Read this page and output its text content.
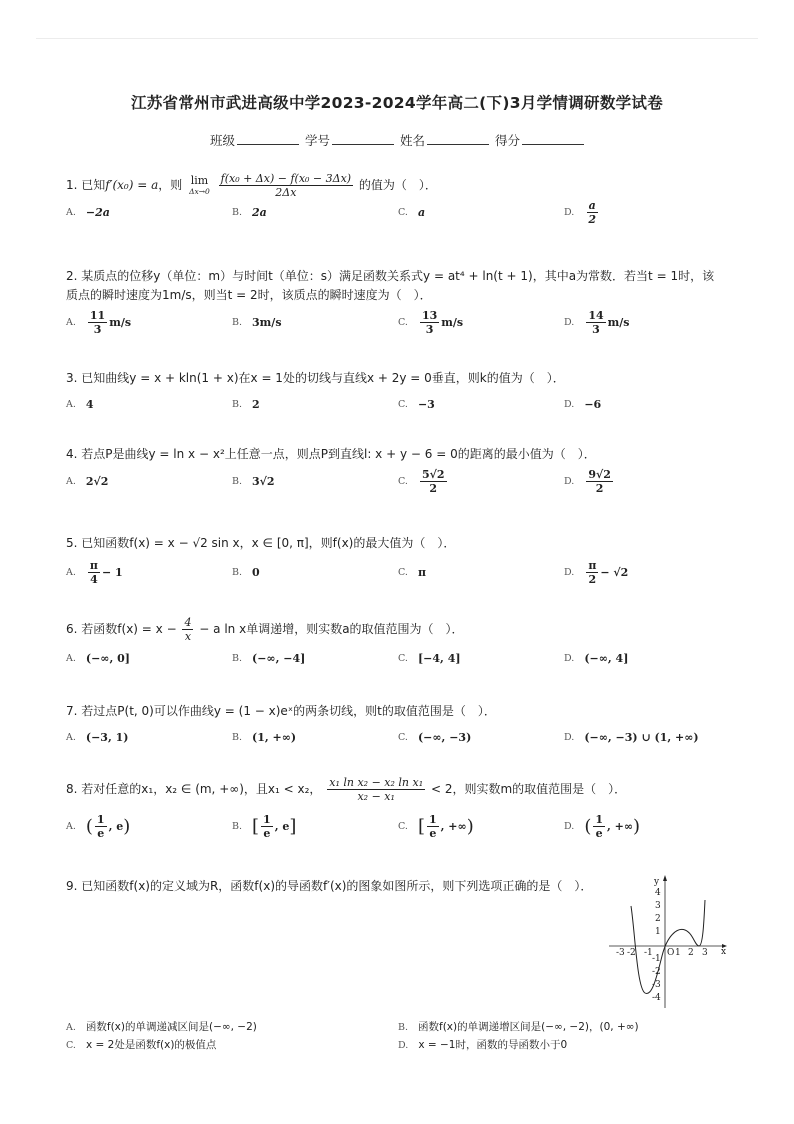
江苏省常州市武进高级中学2023-2024学年高二(下)3月学情调研数学试卷
班级	学号	姓名	得分
1. 已知f′(x₀) = a，则 lim
Δx→0
$\frac{\text{f(x₀ + Δx) − f(x₀ − 3Δx)}}{2\Delta x}$ 的值为（　）．
A. −2a	B. 2a	C. a	D. $\frac{a}{2}$
2. 某质点的位移y（单位：m）与时间t（单位：s）满足函数关系式y = at⁴ + ln(t + 1)，其中a为常数．若当t = 1时，该质点的瞬时速度为1m/s，则当t = 2时，该质点的瞬时速度为（　）．
A. $\frac{11}{3} m/s$	B. 3m/s	C. $\frac{13}{3} m/s$	D. $\frac{14}{3} m/s$
3. 已知曲线y = x + kln(1 + x)在x = 1处的切线与直线x + 2y = 0垂直，则k的值为（　）．
A. 4	B. 2	C. −3	D. −6
4. 若点P是曲线y = ln x − x²上任意一点，则点P到直线l: x + y − 6 = 0的距离的最小值为（　）．
A. 2√2	B. 3√2	C. $\frac{5√2}{2}$	D. $\frac{9√2}{2}$
5. 已知函数f(x) = x − √2 sin x，x ∈ [0, π]，则f(x)的最大值为（　）．
A. $\frac{\pi}{4} - 1$	B. 0	C. π	D. $\frac{\pi}{2} - √2$
6. 若函数$f(x) = x - \frac{4}{x} - a$ ln x单调递增，则实数a的取值范围为（　）．
A. (−∞, 0]	B. (−∞, −4]	C. [−4, 4]	D. (−∞, 4]
7. 若过点P(t, 0)可以作曲线y = (1 − x)eˣ的两条切线，则t的取值范围是（　）．
A. (−3, 1)	B. (1, +∞)	C. (−∞, −3)	D. (−∞, −3) ∪ (1, +∞)
8. 若对任意的x₁，x₂ ∈ (m, +∞)，且x₁ < x₂， $\frac{\text{x₁ ln x₂ − x₂ ln x₁}}{\text{x₂ − x₁}} < 2$，则实数m的取值范围是（　）．
A. ( $\frac{1}{e}$ , e )	B. [ $\frac{1}{e}$ , e ]	C. [ $\frac{1}{e}$ , +∞ )	D. ( $\frac{1}{e}$ , +∞ )
9. 已知函数f(x)的定义域为R，函数f(x)的导函数f′(x)的图象如图所示，则下列选项正确的是（　）．
x
y
O
-3 -2 -1 1 2 3
4
3
2
1
-1
-2
-3
-4
A. 函数f(x)的单调递减区间是(−∞, −2)	B. 函数f(x)的单调递增区间是(−∞, −2)，(0, +∞)
C. x = 2处是函数f(x)的极值点	D. x = −1时，函数的导函数小于0
